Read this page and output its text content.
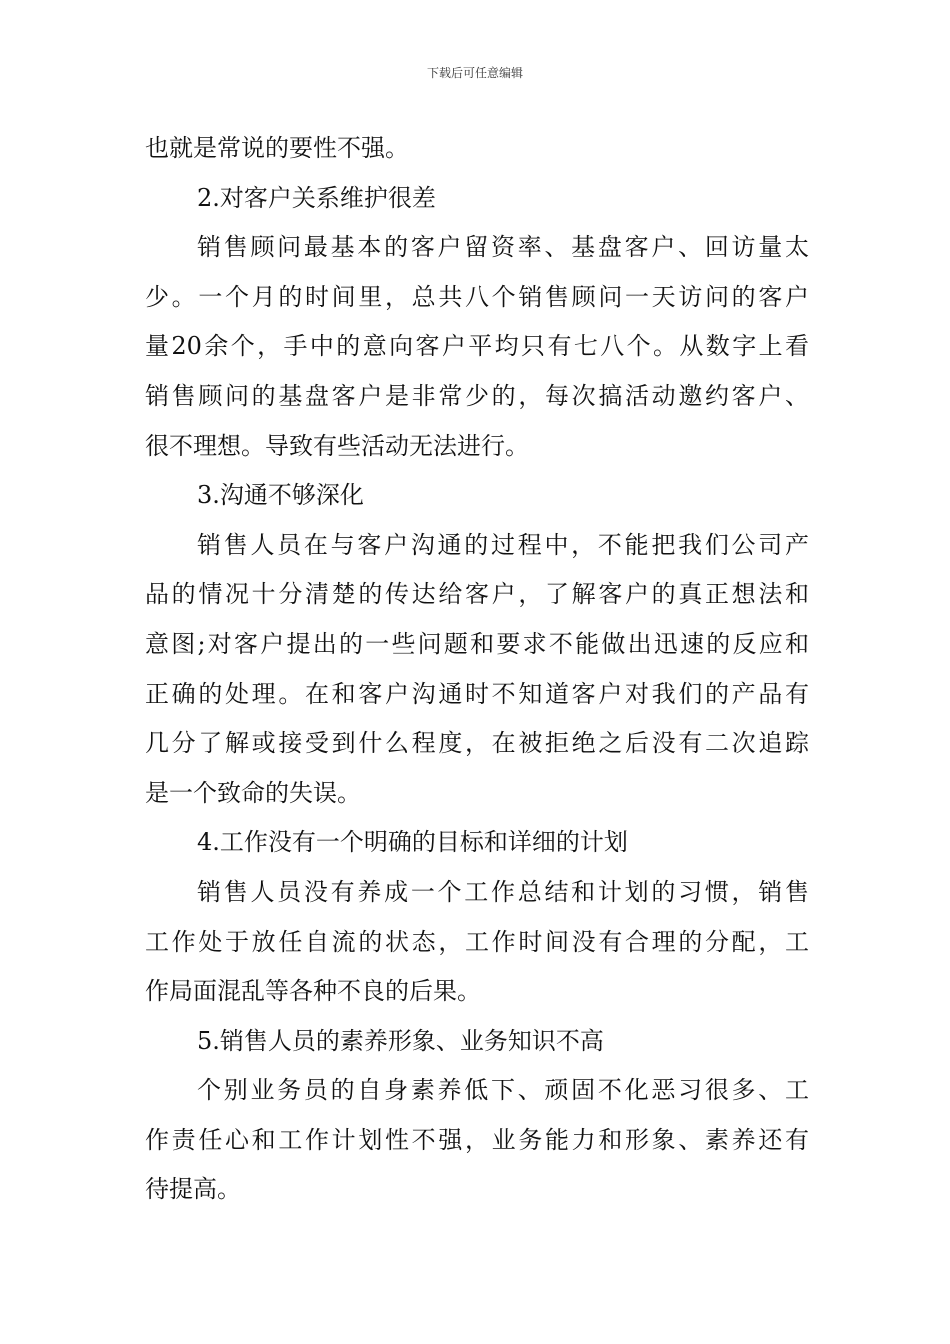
下载后可任意编辑
也就是常说的要性不强。
2.对客户关系维护很差
销售顾问最基本的客户留资率、基盘客户、回访量太
少。一个月的时间里，总共八个销售顾问一天访问的客户
量20余个，手中的意向客户平均只有七八个。从数字上看
销售顾问的基盘客户是非常少的，每次搞活动邀约客户、
很不理想。导致有些活动无法进行。
3.沟通不够深化
销售人员在与客户沟通的过程中，不能把我们公司产
品的情况十分清楚的传达给客户，了解客户的真正想法和
意图;对客户提出的一些问题和要求不能做出迅速的反应和
正确的处理。在和客户沟通时不知道客户对我们的产品有
几分了解或接受到什么程度，在被拒绝之后没有二次追踪
是一个致命的失误。
4.工作没有一个明确的目标和详细的计划
销售人员没有养成一个工作总结和计划的习惯，销售
工作处于放任自流的状态，工作时间没有合理的分配，工
作局面混乱等各种不良的后果。
5.销售人员的素养形象、业务知识不高
个别业务员的自身素养低下、顽固不化恶习很多、工
作责任心和工作计划性不强，业务能力和形象、素养还有
待提高。
